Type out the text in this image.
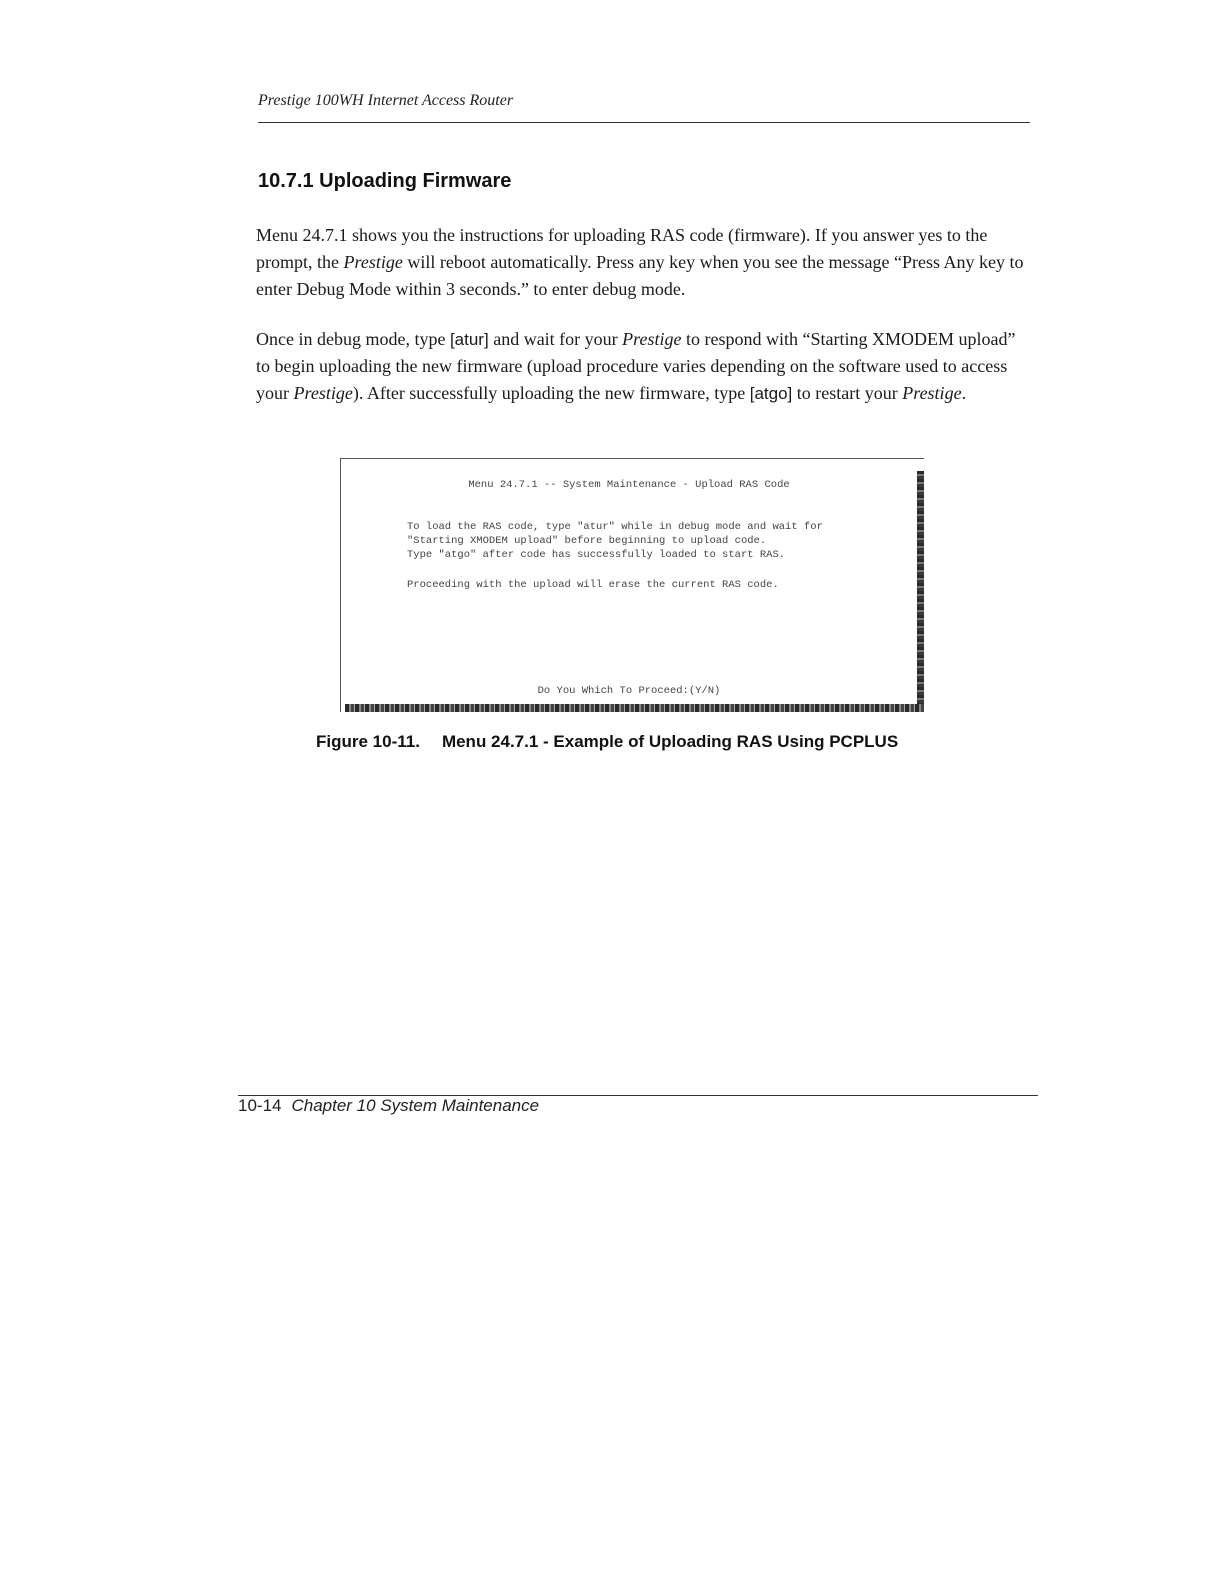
Prestige 100WH Internet Access Router
10.7.1 Uploading Firmware
Menu 24.7.1 shows you the instructions for uploading RAS code (firmware). If you answer yes to the prompt, the Prestige will reboot automatically. Press any key when you see the message “Press Any key to enter Debug Mode within 3 seconds.” to enter debug mode.
Once in debug mode, type [atur] and wait for your Prestige to respond with “Starting XMODEM upload” to begin uploading the new firmware (upload procedure varies depending on the software used to access your Prestige). After successfully uploading the new firmware, type [atgo] to restart your Prestige.
Menu 24.7.1 -- System Maintenance - Upload RAS Code
To load the RAS code, type "atur" while in debug mode and wait for
"Starting XMODEM upload" before beginning to upload code.
Type "atgo" after code has successfully loaded to start RAS.
Proceeding with the upload will erase the current RAS code.
Do You Which To Proceed:(Y/N)
Figure 10-11. Menu 24.7.1 - Example of Uploading RAS Using PCPLUS
10-14 Chapter 10 System Maintenance
